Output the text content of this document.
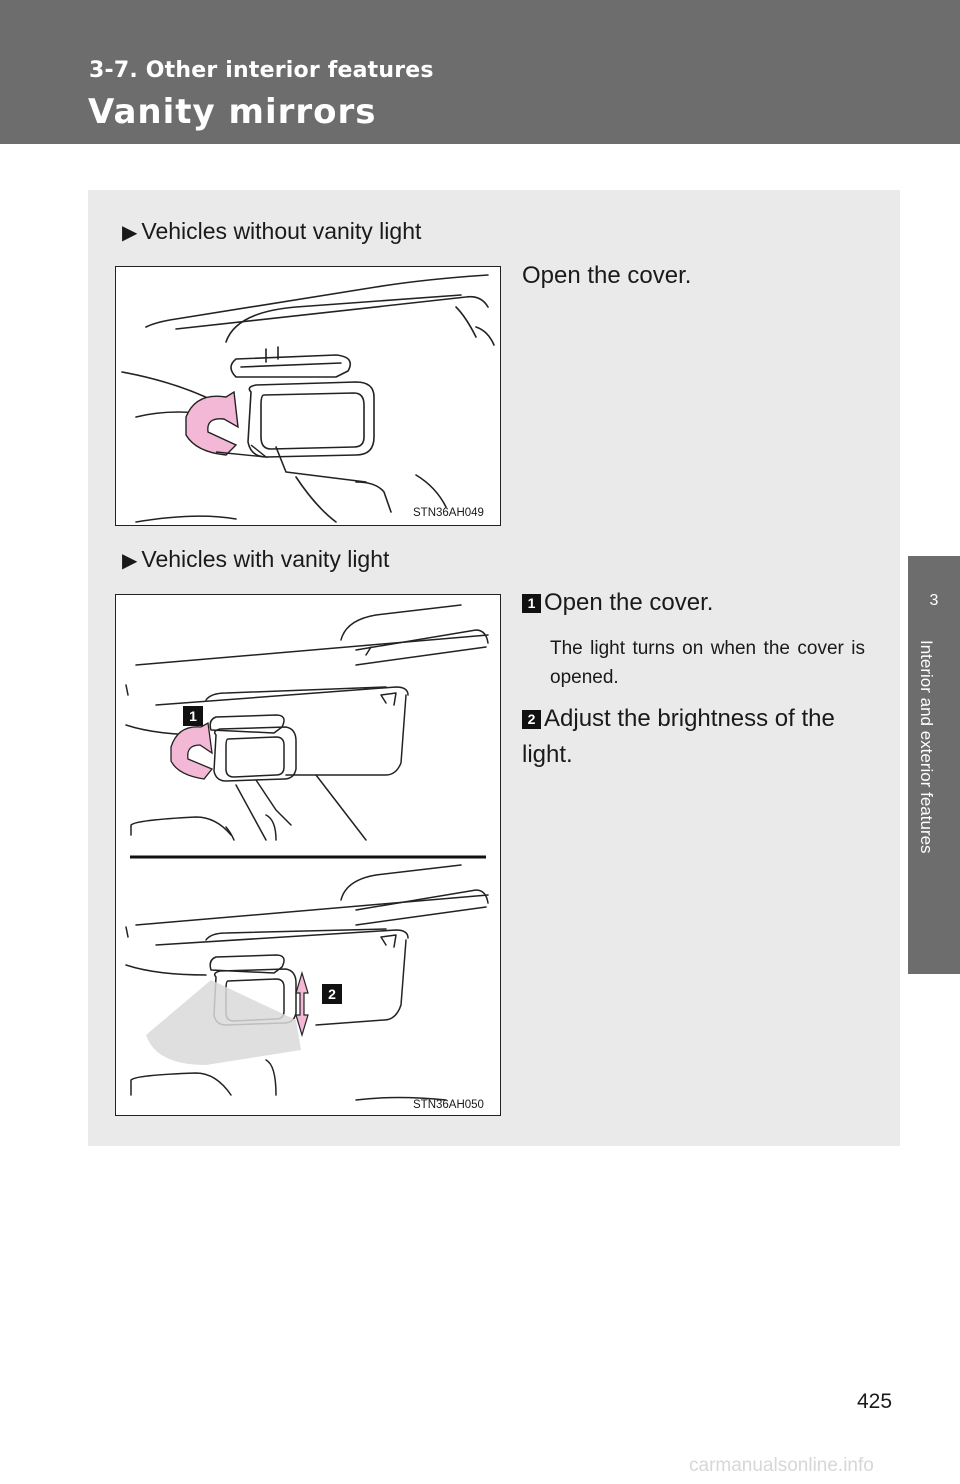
3-7. Other interior features
Vanity mirrors
3
Interior and exterior features
▶ Vehicles without vanity light
STN36AH049
Open the cover.
▶ Vehicles with vanity light
1
2
STN36AH050
1 Open the cover.
The light turns on when the cover is opened.
2 Adjust the brightness of the light.
425
carmanualsonline.info
